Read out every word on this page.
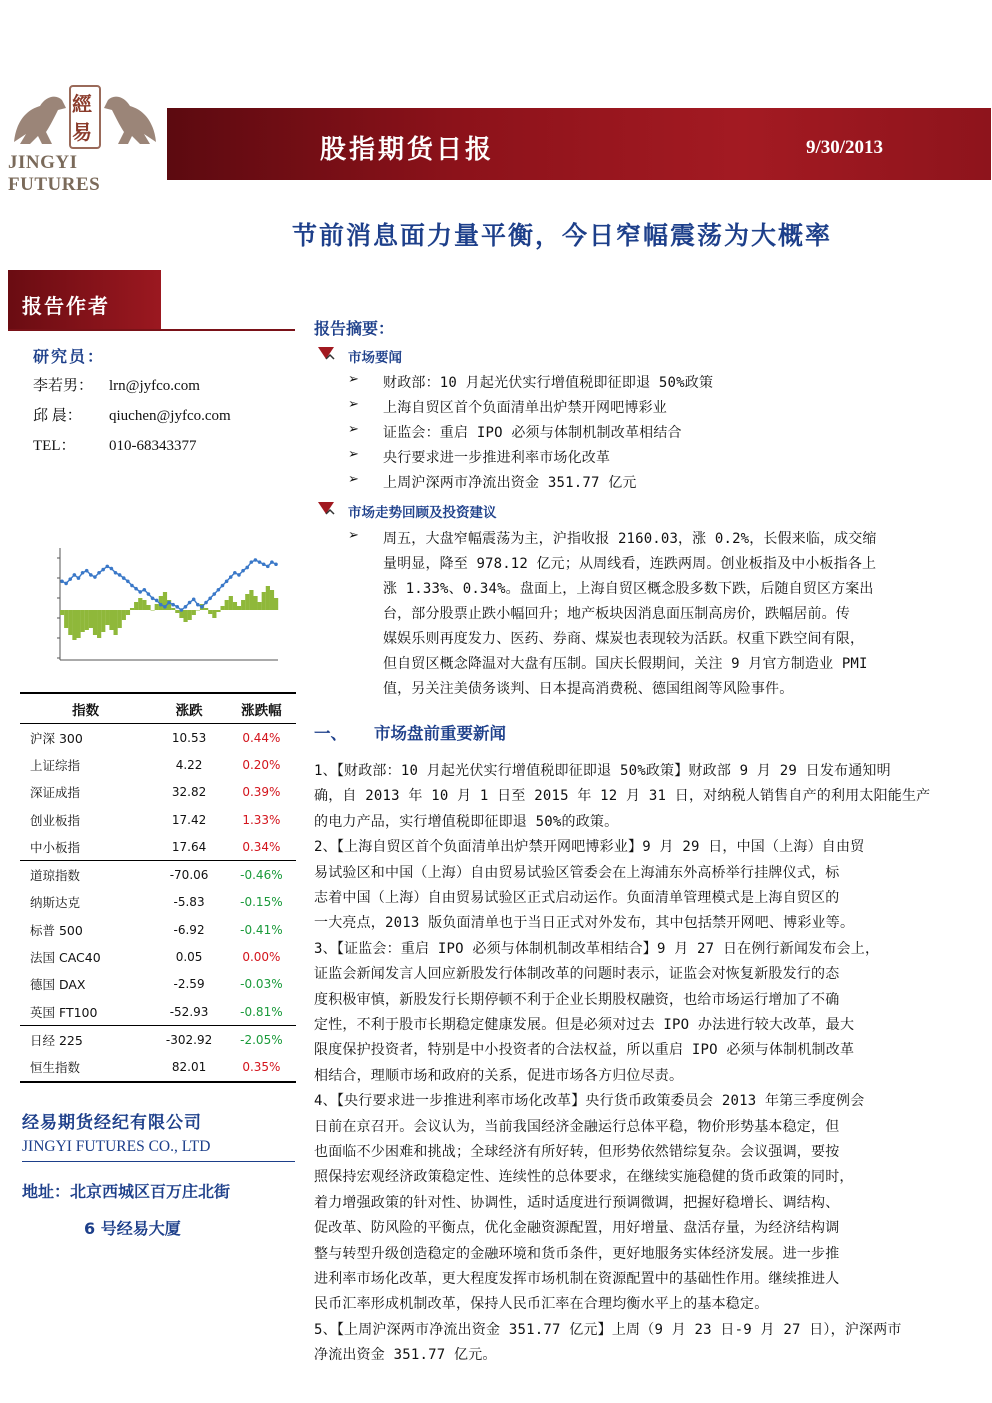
經
易
JINGYI FUTURES
股指期货日报	9/30/2013
节前消息面力量平衡，今日窄幅震荡为大概率
报告作者
研究员：
李若男： lrn@jyfco.com
邱 晨： qiuchen@jyfco.com
TEL： 010-68343377
指数	涨跌	涨跌幅
沪深 300	10.53	0.44%
上证综指	4.22	0.20%
深证成指	32.82	0.39%
创业板指	17.42	1.33%
中小板指	17.64	0.34%
道琼指数	-70.06	-0.46%
纳斯达克	-5.83	-0.15%
标普 500	-6.92	-0.41%
法国 CAC40	0.05	0.00%
德国 DAX	-2.59	-0.03%
英国 FT100	-52.93	-0.81%
日经 225	-302.92	-2.05%
恒生指数	82.01	0.35%
经易期货经纪有限公司
JINGYI FUTURES CO., LTD
地址：北京西城区百万庄北街
6 号经易大厦
报告摘要：
市场要闻
➢ 财政部：10 月起光伏实行增值税即征即退 50%政策
➢ 上海自贸区首个负面清单出炉禁开网吧博彩业
➢ 证监会：重启 IPO 必须与体制机制改革相结合
➢ 央行要求进一步推进利率市场化改革
➢ 上周沪深两市净流出资金 351.77 亿元
市场走势回顾及投资建议
➢ 周五，大盘窄幅震荡为主，沪指收报 2160.03，涨 0.2%，长假来临，成交缩
量明显，降至 978.12 亿元；从周线看，连跌两周。创业板指及中小板指各上
涨 1.33%、0.34%。盘面上，上海自贸区概念股多数下跌，后随自贸区方案出
台，部分股票止跌小幅回升；地产板块因消息面压制高房价，跌幅居前。传
媒娱乐则再度发力、医药、券商、煤炭也表现较为活跃。权重下跌空间有限，
但自贸区概念降温对大盘有压制。国庆长假期间，关注 9 月官方制造业 PMI
值，另关注美债务谈判、日本提高消费税、德国组阁等风险事件。
一、 市场盘前重要新闻
1、【财政部：10 月起光伏实行增值税即征即退 50%政策】财政部 9 月 29 日发布通知明
确，自 2013 年 10 月 1 日至 2015 年 12 月 31 日，对纳税人销售自产的利用太阳能生产
的电力产品，实行增值税即征即退 50%的政策。
2、【上海自贸区首个负面清单出炉禁开网吧博彩业】9 月 29 日，中国（上海）自由贸
易试验区和中国（上海）自由贸易试验区管委会在上海浦东外高桥举行挂牌仪式，标
志着中国（上海）自由贸易试验区正式启动运作。负面清单管理模式是上海自贸区的
一大亮点，2013 版负面清单也于当日正式对外发布，其中包括禁开网吧、博彩业等。
3、【证监会：重启 IPO 必须与体制机制改革相结合】9 月 27 日在例行新闻发布会上，
证监会新闻发言人回应新股发行体制改革的问题时表示，证监会对恢复新股发行的态
度积极审慎，新股发行长期停顿不利于企业长期股权融资，也给市场运行增加了不确
定性，不利于股市长期稳定健康发展。但是必须对过去 IPO 办法进行较大改革，最大
限度保护投资者，特别是中小投资者的合法权益，所以重启 IPO 必须与体制机制改革
相结合，理顺市场和政府的关系，促进市场各方归位尽责。
4、【央行要求进一步推进利率市场化改革】央行货币政策委员会 2013 年第三季度例会
日前在京召开。会议认为，当前我国经济金融运行总体平稳，物价形势基本稳定，但
也面临不少困难和挑战；全球经济有所好转，但形势依然错综复杂。会议强调，要按
照保持宏观经济政策稳定性、连续性的总体要求，在继续实施稳健的货币政策的同时，
着力增强政策的针对性、协调性，适时适度进行预调微调，把握好稳增长、调结构、
促改革、防风险的平衡点，优化金融资源配置，用好增量、盘活存量，为经济结构调
整与转型升级创造稳定的金融环境和货币条件，更好地服务实体经济发展。进一步推
进利率市场化改革，更大程度发挥市场机制在资源配置中的基础性作用。继续推进人
民币汇率形成机制改革，保持人民币汇率在合理均衡水平上的基本稳定。
5、【上周沪深两市净流出资金 351.77 亿元】上周（9 月 23 日-9 月 27 日），沪深两市
净流出资金 351.77 亿元。
